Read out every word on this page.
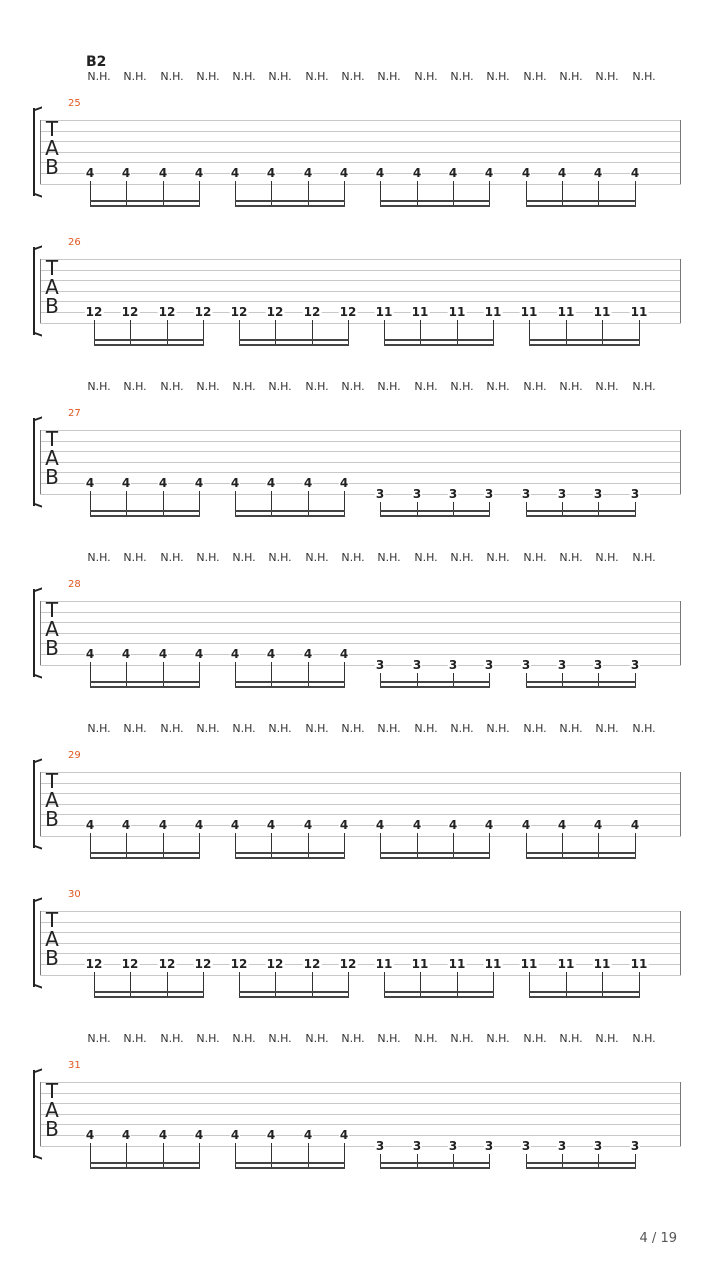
B2
N.H. N.H. N.H. N.H. N.H. N.H. N.H. N.H. N.H. N.H. N.H. N.H. N.H. N.H. N.H. N.H.
25
T
A
B 4 4 4 4 4 4 4 4 4 4 4 4 4 4 4 4
26
T
A
B 12 12 12 12 12 12 12 12 11 11 11 11 11 11 11 11
N.H. N.H. N.H. N.H. N.H. N.H. N.H. N.H. N.H. N.H. N.H. N.H. N.H. N.H. N.H. N.H.
27
T
A
B 4 4 4 4 4 4 4 4
3 3 3 3 3 3 3 3
N.H. N.H. N.H. N.H. N.H. N.H. N.H. N.H. N.H. N.H. N.H. N.H. N.H. N.H. N.H. N.H.
28
T
A
B 4 4 4 4 4 4 4 4
3 3 3 3 3 3 3 3
N.H. N.H. N.H. N.H. N.H. N.H. N.H. N.H. N.H. N.H. N.H. N.H. N.H. N.H. N.H. N.H.
29
T
A
B 4 4 4 4 4 4 4 4 4 4 4 4 4 4 4 4
30
T
A
B 12 12 12 12 12 12 12 12 11 11 11 11 11 11 11 11
N.H. N.H. N.H. N.H. N.H. N.H. N.H. N.H. N.H. N.H. N.H. N.H. N.H. N.H. N.H. N.H.
31
T
A
B 4 4 4 4 4 4 4 4
3 3 3 3 3 3 3 3
4 / 19
